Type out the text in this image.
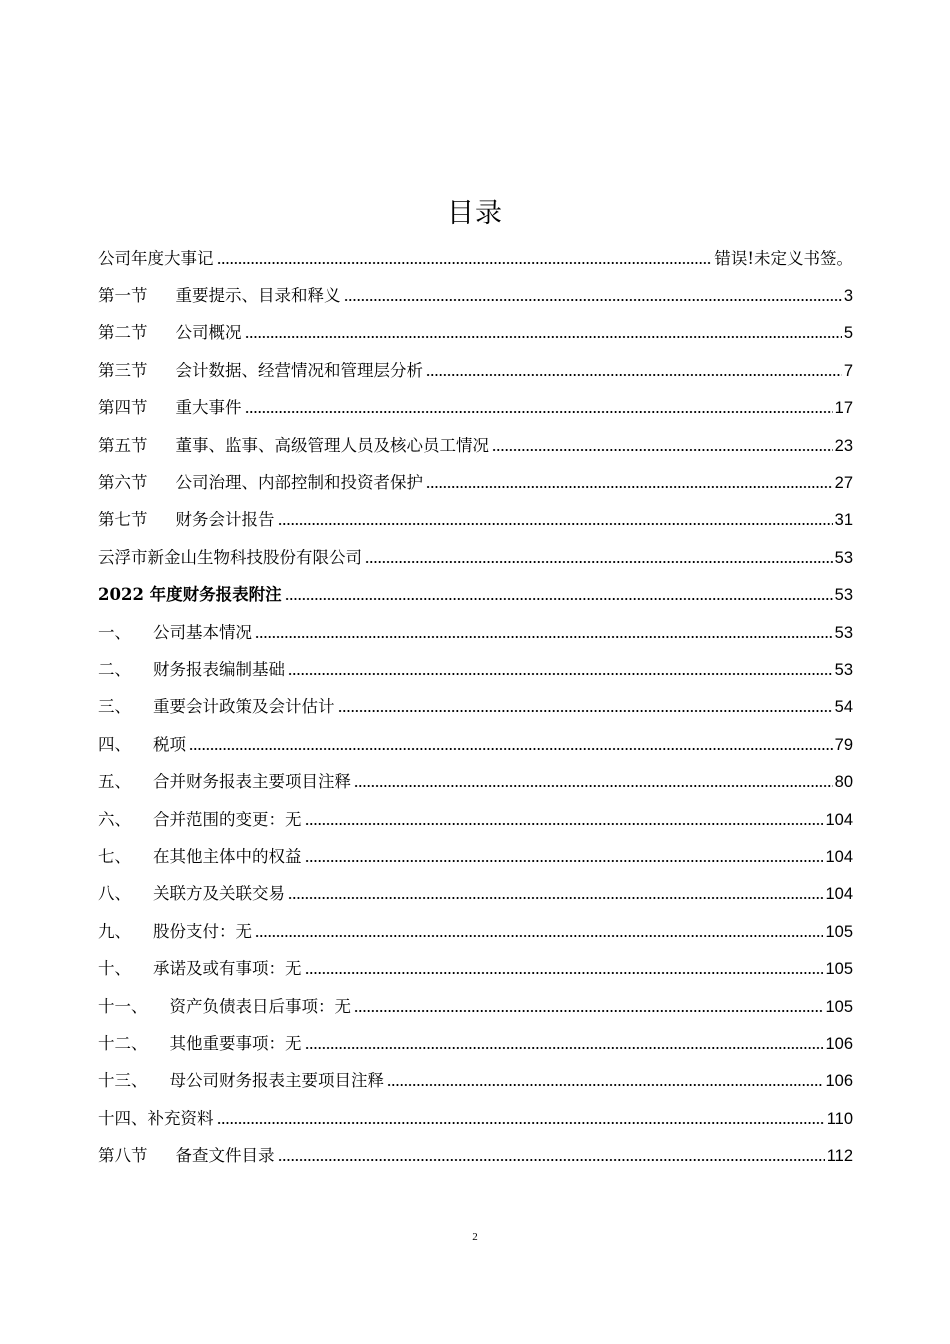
目录
公司年度大事记	错误!未定义书签。
第一节 重要提示、目录和释义	3
第二节 公司概况	5
第三节 会计数据、经营情况和管理层分析	7
第四节 重大事件	17
第五节 董事、监事、高级管理人员及核心员工情况	23
第六节 公司治理、内部控制和投资者保护	27
第七节 财务会计报告	31
云浮市新金山生物科技股份有限公司	53
2022 年度财务报表附注	53
一、 公司基本情况	53
二、 财务报表编制基础	53
三、 重要会计政策及会计估计	54
四、 税项	79
五、 合并财务报表主要项目注释	80
六、 合并范围的变更：无	104
七、 在其他主体中的权益	104
八、 关联方及关联交易	104
九、 股份支付：无	105
十、 承诺及或有事项：无	105
十一、 资产负债表日后事项：无	105
十二、 其他重要事项：无	106
十三、 母公司财务报表主要项目注释	106
十四、补充资料	110
第八节 备查文件目录	112
2
